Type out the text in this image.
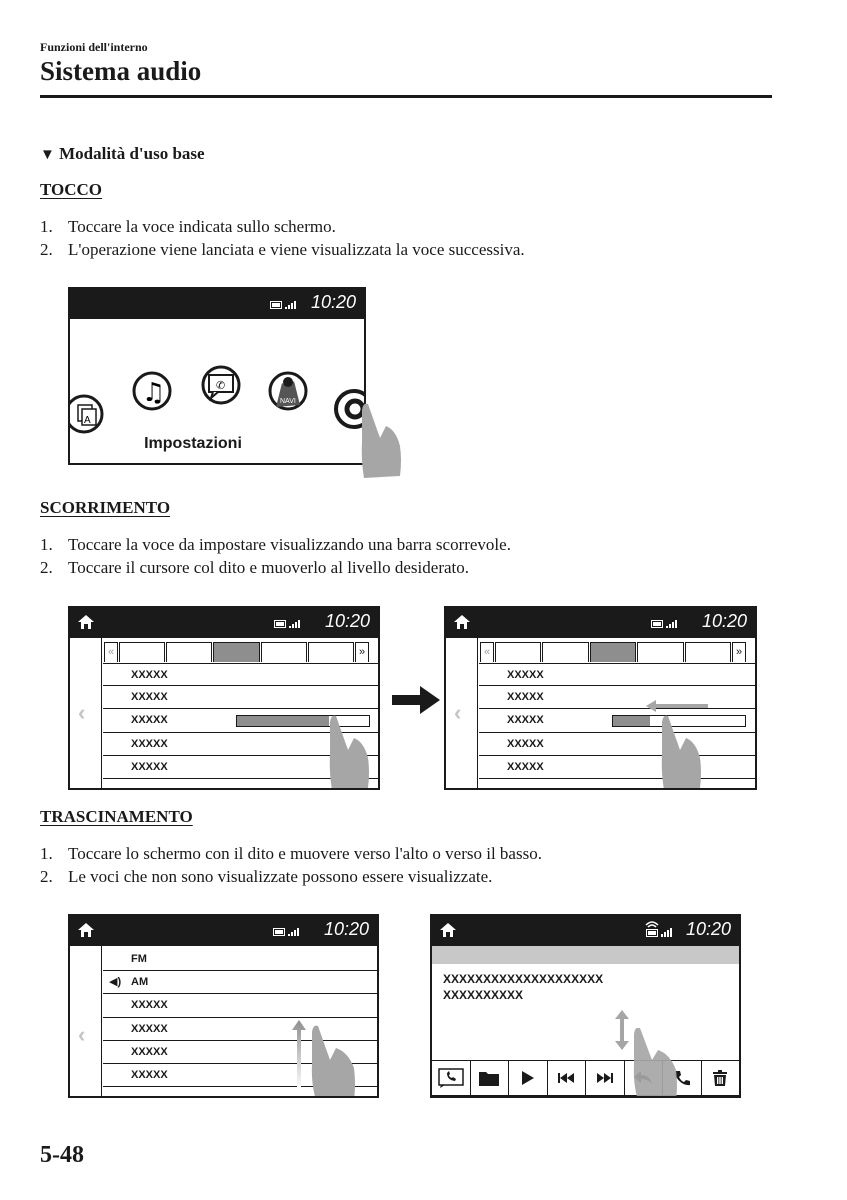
Funzioni dell'interno
Sistema audio
▼ Modalità d'uso base
TOCCO
1. Toccare la voce indicata sullo schermo.
2. L'operazione viene lanciata e viene visualizzata la voce successiva.
10:20
A
♫	✆
NAVI
Impostazioni
SCORRIMENTO
1. Toccare la voce da impostare visualizzando una barra scorrevole.
2. Toccare il cursore col dito e muoverlo al livello desiderato.
10:20
‹
«	»
XXXXX
XXXXX
XXXXX
XXXXX
XXXXX
10:20
‹
«	»
XXXXX
XXXXX
XXXXX
XXXXX
XXXXX
TRASCINAMENTO
1. Toccare lo schermo con il dito e muovere verso l'alto o verso il basso.
2. Le voci che non sono visualizzate possono essere visualizzate.
10:20
‹
FM
◀) AM
XXXXX
XXXXX
XXXXX
XXXXX
10:20
XXXXXXXXXXXXXXXXXXXX
XXXXXXXXXX
5-48
